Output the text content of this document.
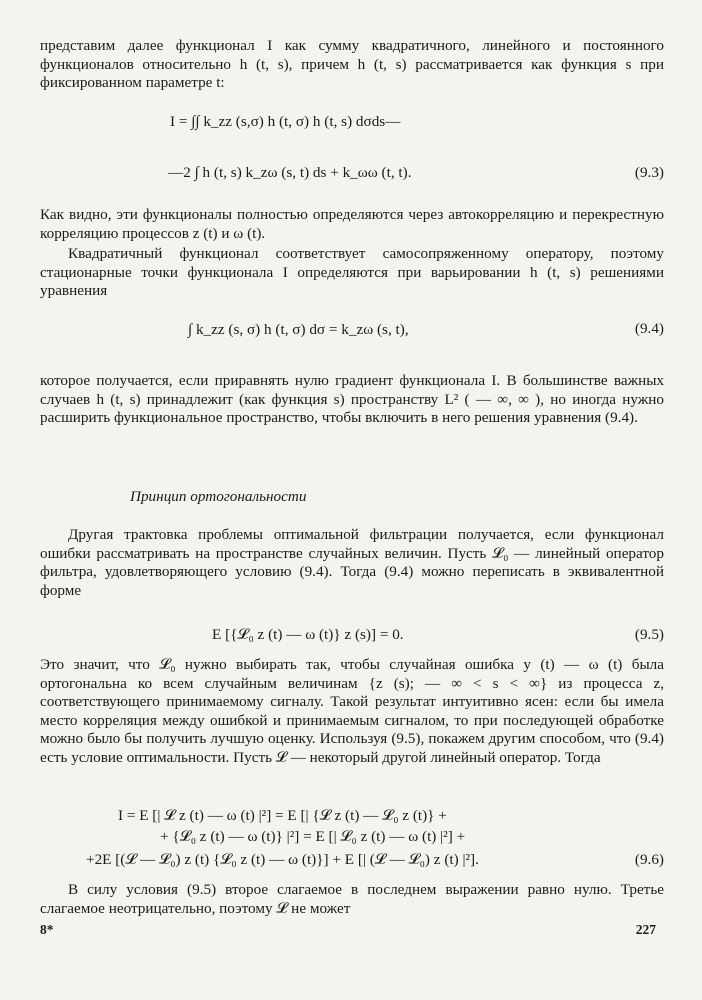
представим далее функционал I как сумму квадратичного, линейного и постоянного функционалов относительно h (t, s), причем h (t, s) рассматривается как функция s при фиксированном параметре t:
I = ∫∫ k_zz (s,σ) h (t, σ) h (t, s) dσds—
—2 ∫ h (t, s) k_zω (s, t) ds + k_ωω (t, t).	(9.3)
Как видно, эти функционалы полностью определяются через автокорреляцию и перекрестную корреляцию процессов z (t) и ω (t).
Квадратичный функционал соответствует самосопряженному оператору, поэтому стационарные точки функционала I определяются при варьировании h (t, s) решениями уравнения
∫ k_zz (s, σ) h (t, σ) dσ = k_zω (s, t),	(9.4)
которое получается, если приравнять нулю градиент функционала I. В большинстве важных случаев h (t, s) принадлежит (как функция s) пространству L² ( — ∞, ∞ ), но иногда нужно расширить функциональное пространство, чтобы включить в него решения уравнения (9.4).
Принцип ортогональности
Другая трактовка проблемы оптимальной фильтрации получается, если функционал ошибки рассматривать на пространстве случайных величин. Пусть 𝓛₀ — линейный оператор фильтра, удовлетворяющего условию (9.4). Тогда (9.4) можно переписать в эквивалентной форме
E [{𝓛₀ z (t) — ω (t)} z (s)] = 0.	(9.5)
Это значит, что 𝓛₀ нужно выбирать так, чтобы случайная ошибка y (t) — ω (t) была ортогональна ко всем случайным величинам {z (s); — ∞ < s < ∞} из процесса z, соответствующего принимаемому сигналу. Такой результат интуитивно ясен: если бы имела место корреляция между ошибкой и принимаемым сигналом, то при последующей обработке можно было бы получить лучшую оценку. Используя (9.5), покажем другим способом, что (9.4) есть условие оптимальности. Пусть 𝓛 — некоторый другой линейный оператор. Тогда
I = E [| 𝓛 z (t) — ω (t) |²] = E [| {𝓛 z (t) — 𝓛₀ z (t)} +
+ {𝓛₀ z (t) — ω (t)} |²] = E [| 𝓛₀ z (t) — ω (t) |²] +
+2E [(𝓛 — 𝓛₀) z (t) {𝓛₀ z (t) — ω (t)}] + E [| (𝓛 — 𝓛₀) z (t) |²].	(9.6)
В силу условия (9.5) второе слагаемое в последнем выражении равно нулю. Третье слагаемое неотрицательно, поэтому 𝓛 не может
8*	227
